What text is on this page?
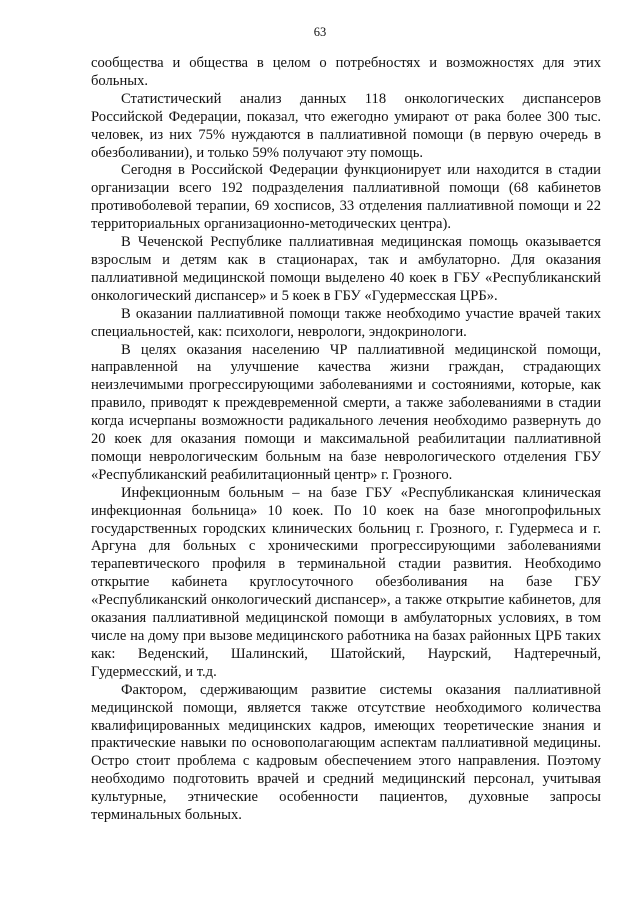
63

сообщества и общества в целом о потребностях и возможностях для этих больных.

Статистический анализ данных 118 онкологических диспансеров Российской Федерации, показал, что ежегодно умирают от рака более 300 тыс. человек, из них 75% нуждаются в паллиативной помощи (в первую очередь в обезболивании), и только 59% получают эту помощь.

Сегодня в Российской Федерации функционирует или находится в стадии организации всего 192 подразделения паллиативной помощи (68 кабинетов противоболевой терапии, 69 хосписов, 33 отделения паллиативной помощи и 22 территориальных организационно-методических центра).

В Чеченской Республике паллиативная медицинская помощь оказывается взрослым и детям как в стационарах, так и амбулаторно. Для оказания паллиативной медицинской помощи выделено 40 коек в ГБУ «Республиканский онкологический диспансер» и 5 коек в ГБУ «Гудермесская ЦРБ».

В оказании паллиативной помощи также необходимо участие врачей таких специальностей, как: психологи, неврологи, эндокринологи.

В целях оказания населению ЧР паллиативной медицинской помощи, направленной на улучшение качества жизни граждан, страдающих неизлечимыми прогрессирующими заболеваниями и состояниями, которые, как правило, приводят к преждевременной смерти, а также заболеваниями в стадии когда исчерпаны возможности радикального лечения необходимо развернуть до 20 коек для оказания помощи и максимальной реабилитации паллиативной помощи неврологическим больным на базе неврологического отделения ГБУ «Республиканский реабилитационный центр» г. Грозного.

Инфекционным больным – на базе ГБУ «Республиканская клиническая инфекционная больница» 10 коек. По 10 коек на базе многопрофильных государственных городских клинических больниц г. Грозного, г. Гудермеса и г. Аргуна для больных с хроническими прогрессирующими заболеваниями терапевтического профиля в терминальной стадии развития. Необходимо открытие кабинета круглосуточного обезболивания на базе ГБУ «Республиканский онкологический диспансер», а также открытие кабинетов, для оказания паллиативной медицинской помощи в амбулаторных условиях, в том числе на дому при вызове медицинского работника на базах районных ЦРБ таких как: Веденский, Шалинский, Шатойский, Наурский, Надтеречный, Гудермесский, и т.д.

Фактором, сдерживающим развитие системы оказания паллиативной медицинской помощи, является также отсутствие необходимого количества квалифицированных медицинских кадров, имеющих теоретические знания и практические навыки по основополагающим аспектам паллиативной медицины. Остро стоит проблема с кадровым обеспечением этого направления. Поэтому необходимо подготовить врачей и средний медицинский персонал, учитывая культурные, этнические особенности пациентов, духовные запросы терминальных больных.
